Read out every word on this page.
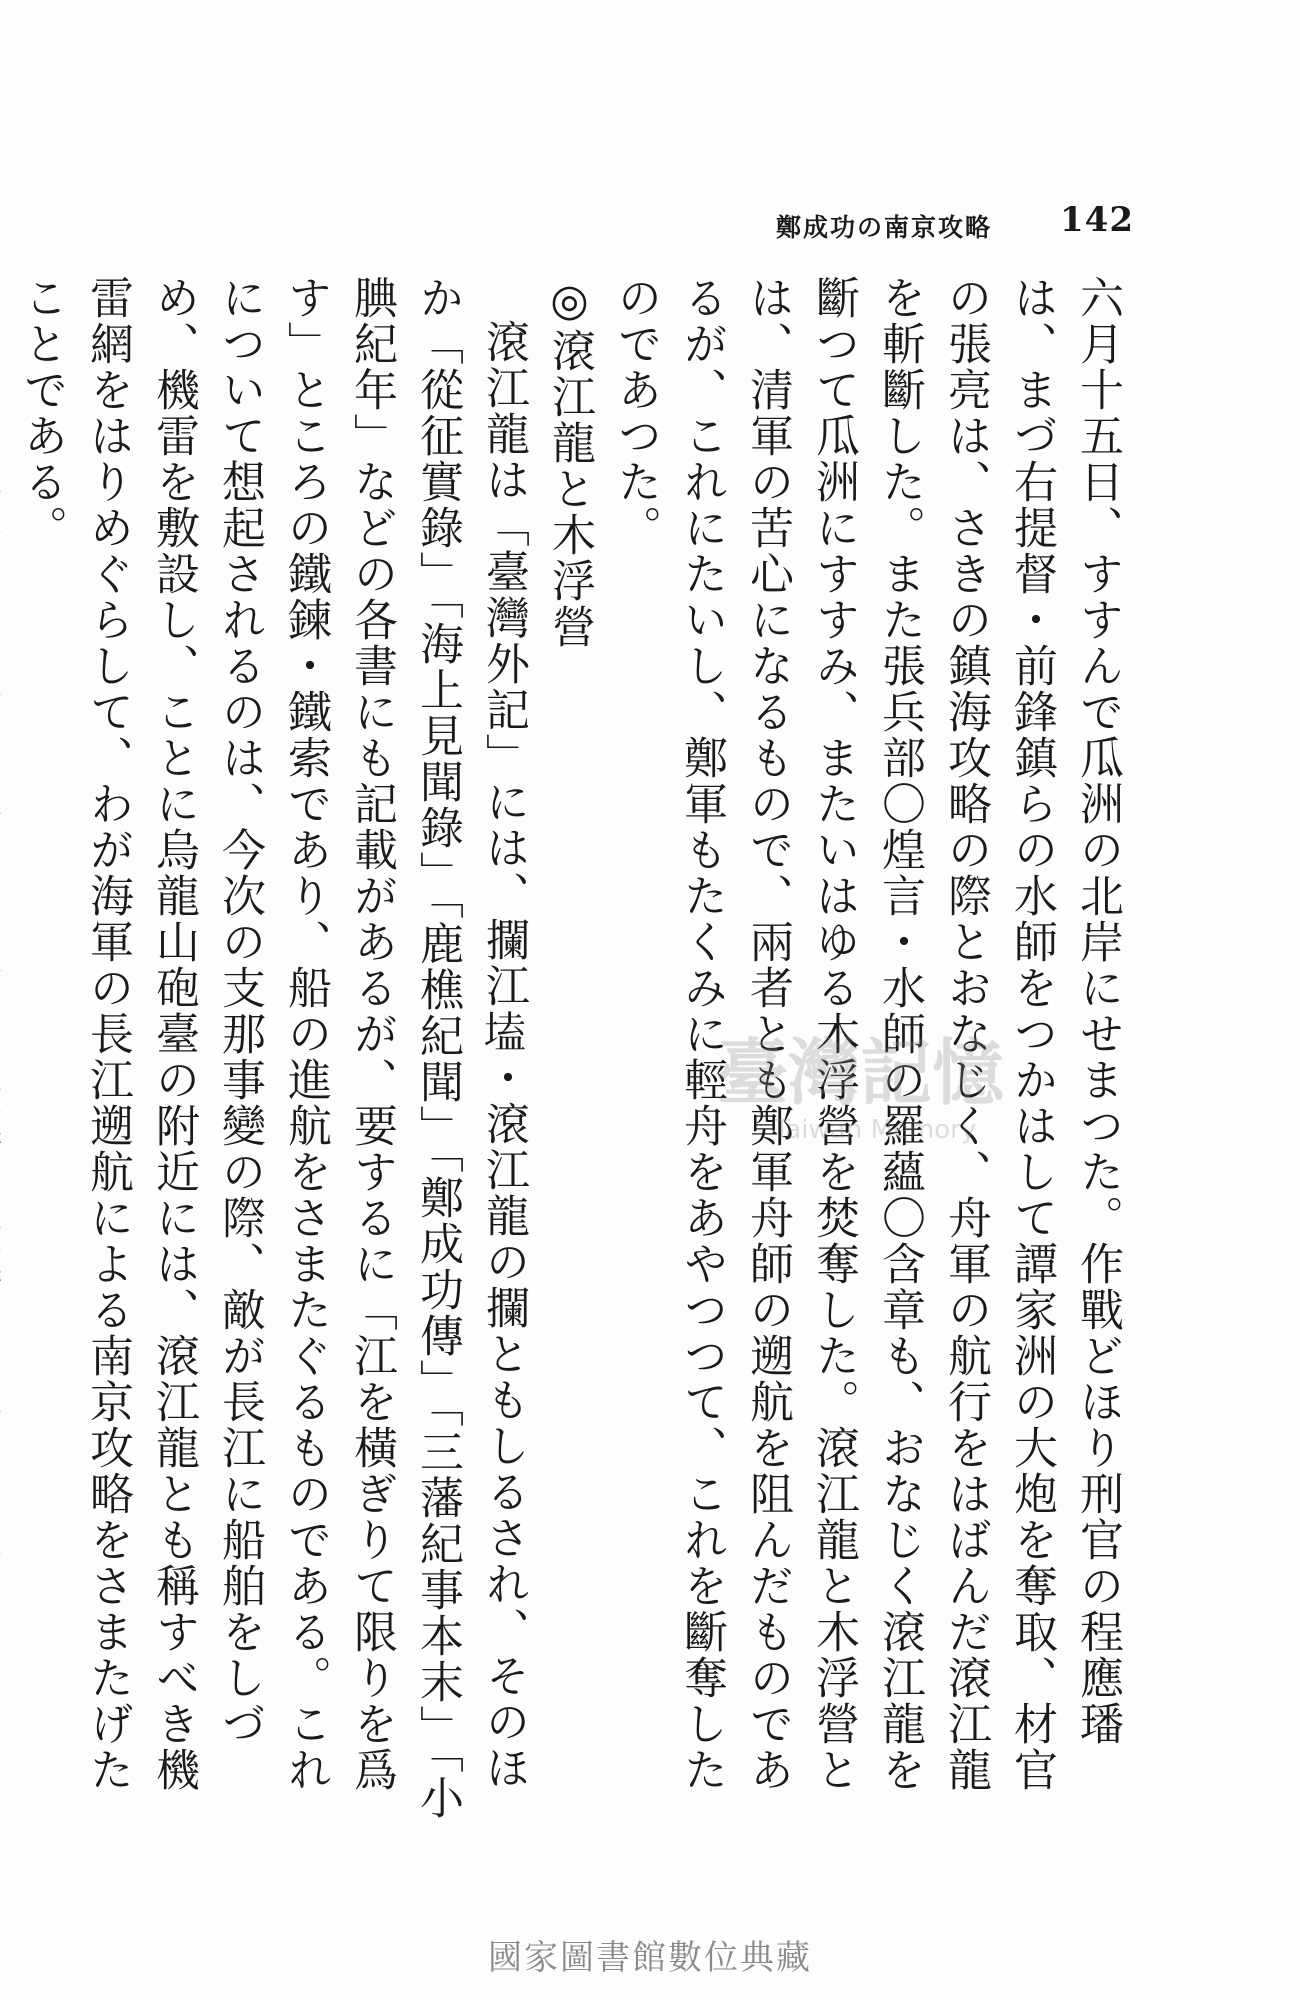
142
鄭成功の南京攻略

六月十五日、すすんで瓜洲の北岸にせまつた。作戰どほり刑官の程應璠は、まづ右提督・前鋒鎮らの水師をつかはして譚家洲の大炮を奪取、材官の張亮は、さきの鎮海攻略の際とおなじく、舟軍の航行をはばんだ滾江龍を斬斷した。また張兵部〇煌言・水師の羅蘊〇含章も、おなじく滾江龍を斷つて瓜洲にすすみ、またいはゆる木浮營を焚奪した。滾江龍と木浮營とは、清軍の苦心になるもので、兩者とも鄭軍舟師の遡航を阻んだものであるが、これにたいし、鄭軍もたくみに輕舟をあやつつて、これを斷奪したのであつた。

◎滾江龍と木浮營

滾江龍は「臺灣外記」には、攔江𡏖・滾江龍の攔ともしるされ、そのほか「從征實錄」「海上見聞錄」「鹿樵紀聞」「鄭成功傳」「三藩紀事本末」「小腆紀年」などの各書にも記載があるが、要するに「江を橫ぎりて限りを爲す」ところの鐵鍊・鐵索であり、船の進航をさまたぐるものである。これについて想起されるのは、今次の支那事變の際、敵が長江に船舶をしづめ、機雷を敷設し、ことに烏龍山砲臺の附近には、滾江龍とも稱すべき機雷網をはりめぐらして、わが海軍の長江遡航による南京攻略をさまたげたことである。

臺灣記憶
Taiwan Memory
國家圖書館數位典藏
